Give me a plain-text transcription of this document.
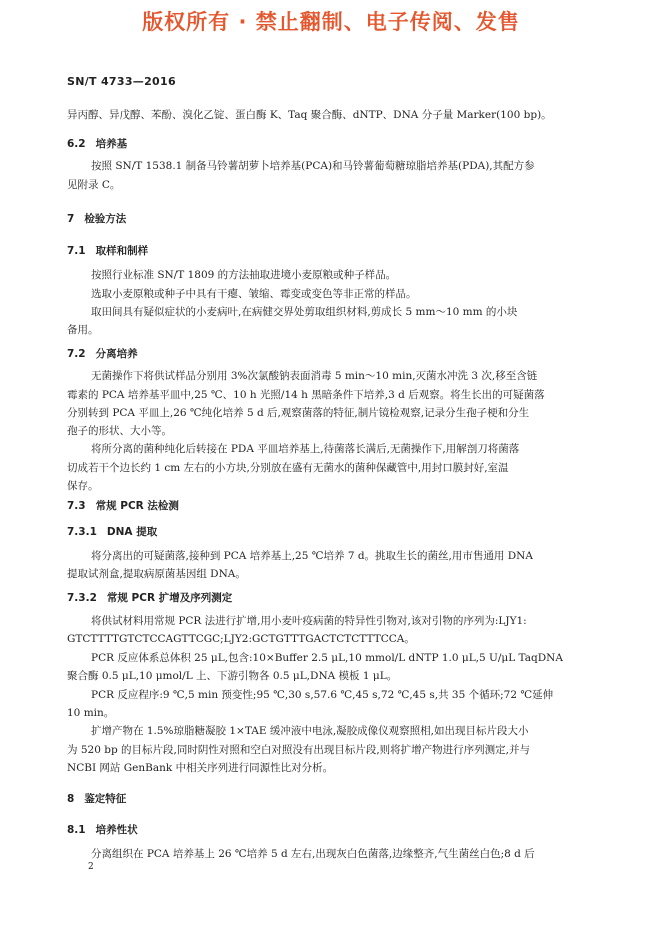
版权所有 · 禁止翻制、电子传阅、发售
SN/T 4733—2016
异丙醇、异戊醇、苯酚、溴化乙锭、蛋白酶 K、Taq 聚合酶、dNTP、DNA 分子量 Marker(100 bp)。
6.2 培养基
按照 SN/T 1538.1 制备马铃薯胡萝卜培养基(PCA)和马铃薯葡萄糖琼脂培养基(PDA),其配方参
见附录 C。
7 检验方法
7.1 取样和制样
按照行业标准 SN/T 1809 的方法抽取进境小麦原粮或种子样品。
选取小麦原粮或种子中具有干瘪、皱缩、霉变或变色等非正常的样品。
取田间具有疑似症状的小麦病叶,在病健交界处剪取组织材料,剪成长 5 mm～10 mm 的小块
备用。
7.2 分离培养
无菌操作下将供试样品分别用 3%次氯酸钠表面消毒 5 min～10 min,灭菌水冲洗 3 次,移至含链
霉素的 PCA 培养基平皿中,25 ℃、10 h 光照/14 h 黑暗条件下培养,3 d 后观察。将生长出的可疑菌落
分别转到 PCA 平皿上,26 ℃纯化培养 5 d 后,观察菌落的特征,制片镜检观察,记录分生孢子梗和分生
孢子的形状、大小等。
将所分离的菌种纯化后转接在 PDA 平皿培养基上,待菌落长满后,无菌操作下,用解剖刀将菌落
切成若干个边长约 1 cm 左右的小方块,分别放在盛有无菌水的菌种保藏管中,用封口膜封好,室温
保存。
7.3 常规 PCR 法检测
7.3.1 DNA 提取
将分离出的可疑菌落,接种到 PCA 培养基上,25 ℃培养 7 d。挑取生长的菌丝,用市售通用 DNA
提取试剂盒,提取病原菌基因组 DNA。
7.3.2 常规 PCR 扩增及序列测定
将供试材料用常规 PCR 法进行扩增,用小麦叶疫病菌的特异性引物对,该对引物的序列为:LJY1:
GTCTTTTGTCTCCAGTTCGC;LJY2:GCTGTTTGACTCTCTTTCCA。
PCR 反应体系总体积 25 μL,包含:10×Buffer 2.5 μL,10 mmol/L dNTP 1.0 μL,5 U/μL TaqDNA
聚合酶 0.5 μL,10 μmol/L 上、下游引物各 0.5 μL,DNA 模板 1 μL。
PCR 反应程序:9 ℃,5 min 预变性;95 ℃,30 s,57.6 ℃,45 s,72 ℃,45 s,共 35 个循环;72 ℃延伸
10 min。
扩增产物在 1.5%琼脂糖凝胶 1×TAE 缓冲液中电泳,凝胶成像仪观察照相,如出现目标片段大小
为 520 bp 的目标片段,同时阴性对照和空白对照没有出现目标片段,则将扩增产物进行序列测定,并与
NCBI 网站 GenBank 中相关序列进行同源性比对分析。
8 鉴定特征
8.1 培养性状
分离组织在 PCA 培养基上 26 ℃培养 5 d 左右,出现灰白色菌落,边缘整齐,气生菌丝白色;8 d 后
2
